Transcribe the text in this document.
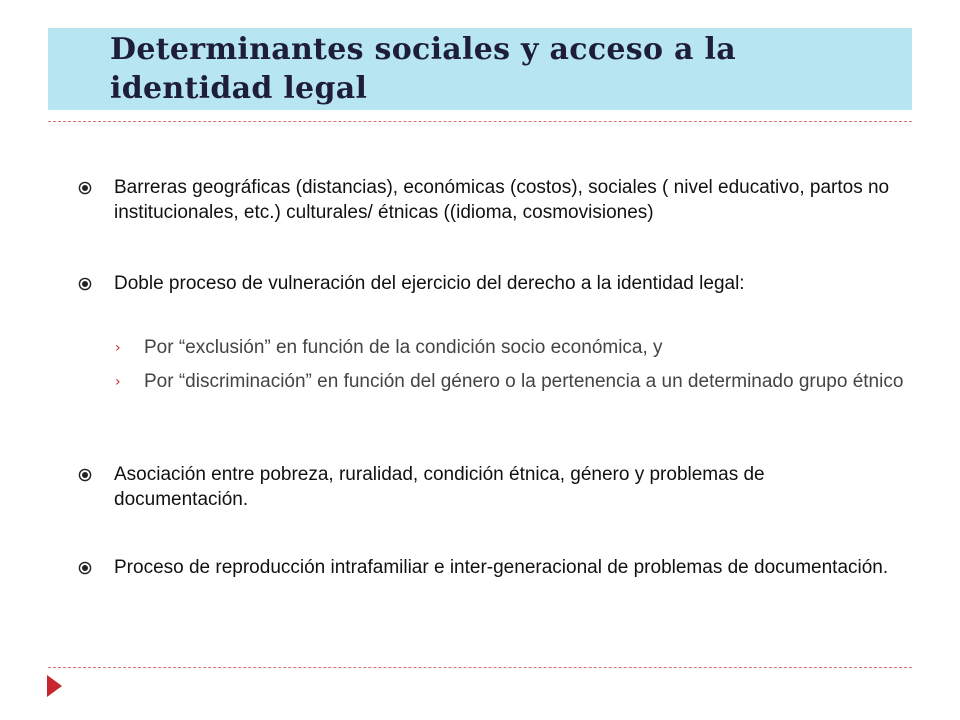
Determinantes sociales y acceso a la
identidad legal
Barreras geográficas (distancias), económicas (costos), sociales ( nivel educativo, partos no institucionales, etc.) culturales/ étnicas ((idioma, cosmovisiones)
Doble proceso de vulneración del ejercicio del derecho a la identidad legal:
› Por “exclusión” en función de la condición socio económica, y
› Por “discriminación” en función del género o la pertenencia a un determinado grupo étnico
Asociación entre pobreza, ruralidad, condición étnica, género y problemas de documentación.
Proceso de reproducción intrafamiliar e inter-generacional de problemas de documentación.
